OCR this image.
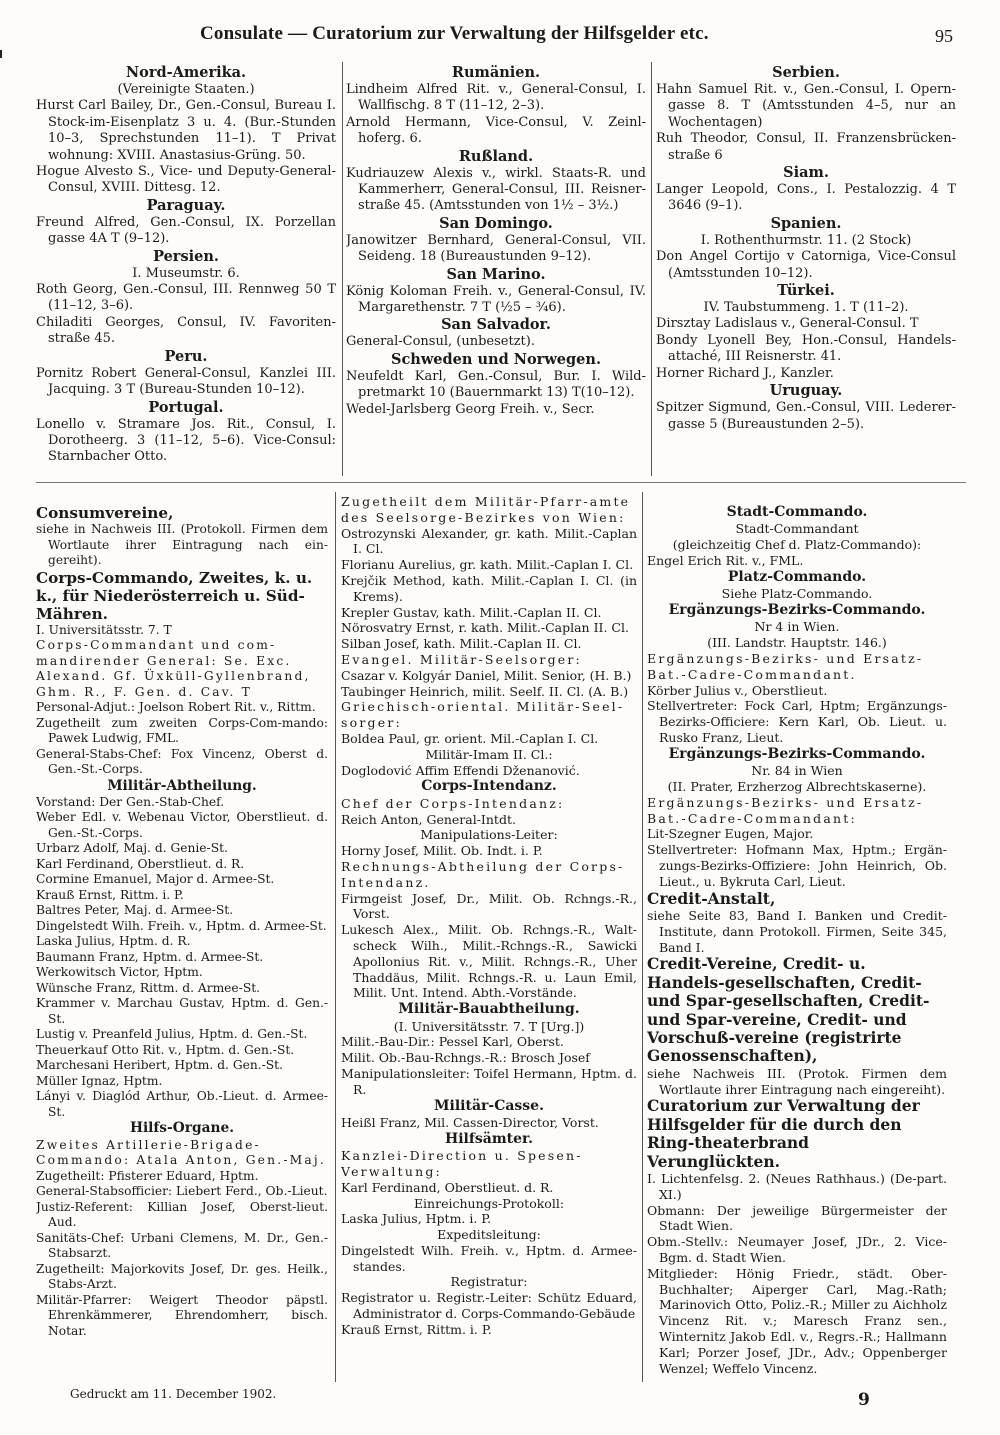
Consulate — Curatorium zur Verwaltung der Hilfsgelder etc.	95

Nord-Amerika.

(Vereinigte Staaten.)

Hurst Carl Bailey, Dr., Gen.-Consul, Bureau I. Stock-im-Eisenplatz 3 u. 4. (Bur.-Stunden 10–3, Sprechstunden 11–1). T Privat wohnung: XVIII. Anastasius-Grüng. 50.

Hogue Alvesto S., Vice- und Deputy-General-Consul, XVIII. Dittesg. 12.

Paraguay.

Freund Alfred, Gen.-Consul, IX. Porzellan gasse 4A T (9–12).

Persien.

I. Museumstr. 6.

Roth Georg, Gen.-Consul, III. Rennweg 50 T (11–12, 3–6).

Chiladiti Georges, Consul, IV. Favoriten-straße 45.

Peru.

Pornitz Robert General-Consul, Kanzlei III. Jacquing. 3 T (Bureau-Stunden 10–12).

Portugal.

Lonello v. Stramare Jos. Rit., Consul, I. Dorotheerg. 3 (11–12, 5–6). Vice-Consul: Starnbacher Otto.

Rumänien.

Lindheim Alfred Rit. v., General-Consul, I. Wallfischg. 8 T (11–12, 2–3).

Arnold Hermann, Vice-Consul, V. Zeinl-hoferg. 6.

Rußland.

Kudriauzew Alexis v., wirkl. Staats-R. und Kammerherr, General-Consul, III. Reisner-straße 45. (Amtsstunden von 1½ – 3½.)

San Domingo.

Janowitzer Bernhard, General-Consul, VII. Seideng. 18 (Bureaustunden 9–12).

San Marino.

König Koloman Freih. v., General-Consul, IV. Margarethenstr. 7 T (½5 – ¾6).

San Salvador.

General-Consul, (unbesetzt).

Schweden und Norwegen.

Neufeldt Karl, Gen.-Consul, Bur. I. Wild-pretmarkt 10 (Bauernmarkt 13) T(10–12).

Wedel-Jarlsberg Georg Freih. v., Secr.

Serbien.

Hahn Samuel Rit. v., Gen.-Consul, I. Opern-gasse 8. T (Amtsstunden 4–5, nur an Wochentagen)

Ruh Theodor, Consul, II. Franzensbrücken-straße 6

Siam.

Langer Leopold, Cons., I. Pestalozzig. 4 T 3646 (9–1).

Spanien.

I. Rothenthurmstr. 11. (2 Stock)

Don Angel Cortijo v Catorniga, Vice-Consul (Amtsstunden 10–12).

Türkei.

IV. Taubstummeng. 1. T (11–2).

Dirsztay Ladislaus v., General-Consul. T

Bondy Lyonell Bey, Hon.-Consul, Handels-attaché, III Reisnerstr. 41.

Horner Richard J., Kanzler.

Uruguay.

Spitzer Sigmund, Gen.-Consul, VIII. Lederer-gasse 5 (Bureaustunden 2–5).

Consumvereine,

siehe in Nachweis III. (Protokoll. Firmen dem Wortlaute ihrer Eintragung nach ein-gereiht).

Corps-Commando, Zweites, k. u. k., für Niederösterreich u. Süd-Mähren.

I. Universitätsstr. 7. T

Corps-Commandant und com-mandirender General: Se. Exc. Alexand. Gf. Üxküll-Gyllenbrand, Ghm. R., F. Gen. d. Cav. T

Personal-Adjut.: Joelson Robert Rit. v., Rittm.

Zugetheilt zum zweiten Corps-Com-mando: Pawek Ludwig, FML.

General-Stabs-Chef: Fox Vincenz, Oberst d. Gen.-St.-Corps.

Militär-Abtheilung.

Vorstand: Der Gen.-Stab-Chef.

Weber Edl. v. Webenau Victor, Oberstlieut. d. Gen.-St.-Corps.

Urbarz Adolf, Maj. d. Genie-St.

Karl Ferdinand, Oberstlieut. d. R.

Cormine Emanuel, Major d. Armee-St.

Krauß Ernst, Rittm. i. P.

Baltres Peter, Maj. d. Armee-St.

Dingelstedt Wilh. Freih. v., Hptm. d. Armee-St.

Laska Julius, Hptm. d. R.

Baumann Franz, Hptm. d. Armee-St.

Werkowitsch Victor, Hptm.

Wünsche Franz, Rittm. d. Armee-St.

Krammer v. Marchau Gustav, Hptm. d. Gen.-St.

Lustig v. Preanfeld Julius, Hptm. d. Gen.-St.

Theuerkauf Otto Rit. v., Hptm. d. Gen.-St.

Marchesani Heribert, Hptm. d. Gen.-St.

Müller Ignaz, Hptm.

Lányi v. Diaglód Arthur, Ob.-Lieut. d. Armee-St.

Hilfs-Organe.

Zweites Artillerie-Brigade-Commando: Atala Anton, Gen.-Maj.

Zugetheilt: Pfisterer Eduard, Hptm.

General-Stabsofficier: Liebert Ferd., Ob.-Lieut.

Justiz-Referent: Killian Josef, Oberst-lieut. Aud.

Sanitäts-Chef: Urbani Clemens, M. Dr., Gen.-Stabsarzt.

Zugetheilt: Majorkovits Josef, Dr. ges. Heilk., Stabs-Arzt.

Militär-Pfarrer: Weigert Theodor päpstl. Ehrenkämmerer, Ehrendomherr, bisch. Notar.

Zugetheilt dem Militär-Pfarr-amte des Seelsorge-Bezirkes von Wien:

Ostrozynski Alexander, gr. kath. Milit.-Caplan I. Cl.

Florianu Aurelius, gr. kath. Milit.-Caplan I. Cl.

Krejčik Method, kath. Milit.-Caplan I. Cl. (in Krems).

Krepler Gustav, kath. Milit.-Caplan II. Cl.

Nörosvatry Ernst, r. kath. Milit.-Caplan II. Cl.

Silban Josef, kath. Milit.-Caplan II. Cl.

Evangel. Militär-Seelsorger:

Csazar v. Kolgyár Daniel, Milit. Senior, (H. B.)

Taubinger Heinrich, milit. Seelf. II. Cl. (A. B.)

Griechisch-oriental. Militär-Seel-sorger:

Boldea Paul, gr. orient. Mil.-Caplan I. Cl.

Militär-Imam II. Cl.:

Doglodović Affim Effendi Dženanović.

Corps-Intendanz.

Chef der Corps-Intendanz:

Reich Anton, General-Intdt.

Manipulations-Leiter:

Horny Josef, Milit. Ob. Indt. i. P.

Rechnungs-Abtheilung der Corps-Intendanz.

Firmgeist Josef, Dr., Milit. Ob. Rchngs.-R., Vorst.

Lukesch Alex., Milit. Ob. Rchngs.-R., Walt-scheck Wilh., Milit.-Rchngs.-R., Sawicki Apollonius Rit. v., Milit. Rchngs.-R., Uher Thaddäus, Milit. Rchngs.-R. u. Laun Emil, Milit. Unt. Intend. Abth.-Vorstände.

Militär-Bauabtheilung.

(I. Universitätsstr. 7. T [Urg.])

Milit.-Bau-Dir.: Pessel Karl, Oberst.

Milit. Ob.-Bau-Rchngs.-R.: Brosch Josef

Manipulationsleiter: Toifel Hermann, Hptm. d. R.

Militär-Casse.

Heißl Franz, Mil. Cassen-Director, Vorst.

Hilfsämter.

Kanzlei-Direction u. Spesen-Verwaltung:

Karl Ferdinand, Oberstlieut. d. R.

Einreichungs-Protokoll:

Laska Julius, Hptm. i. P.

Expeditsleitung:

Dingelstedt Wilh. Freih. v., Hptm. d. Armee-standes.

Registratur:

Registrator u. Registr.-Leiter: Schütz Eduard, Administrator d. Corps-Commando-Gebäude

Krauß Ernst, Rittm. i. P.

Stadt-Commando.

Stadt-Commandant

(gleichzeitig Chef d. Platz-Commando):

Engel Erich Rit. v., FML.

Platz-Commando.

Siehe Platz-Commando.

Ergänzungs-Bezirks-Commando.

Nr 4 in Wien.

(III. Landstr. Hauptstr. 146.)

Ergänzungs-Bezirks- und Ersatz-Bat.-Cadre-Commandant.

Körber Julius v., Oberstlieut.

Stellvertreter: Fock Carl, Hptm; Ergänzungs-Bezirks-Officiere: Kern Karl, Ob. Lieut. u. Rusko Franz, Lieut.

Ergänzungs-Bezirks-Commando.

Nr. 84 in Wien

(II. Prater, Erzherzog Albrechtskaserne).

Ergänzungs-Bezirks- und Ersatz-Bat.-Cadre-Commandant:

Lit-Szegner Eugen, Major.

Stellvertreter: Hofmann Max, Hptm.; Ergän-zungs-Bezirks-Offiziere: John Heinrich, Ob. Lieut., u. Bykruta Carl, Lieut.

Credit-Anstalt,

siehe Seite 83, Band I. Banken und Credit-Institute, dann Protokoll. Firmen, Seite 345, Band I.

Credit-Vereine, Credit- u. Handels-gesellschaften, Credit- und Spar-gesellschaften, Credit- und Spar-vereine, Credit- und Vorschuß-vereine (registrirte Genossenschaften),

siehe Nachweis III. (Protok. Firmen dem Wortlaute ihrer Eintragung nach eingereiht).

Curatorium zur Verwaltung der Hilfsgelder für die durch den Ring-theaterbrand Verunglückten.

I. Lichtenfelsg. 2. (Neues Rathhaus.) (De-part. XI.)

Obmann: Der jeweilige Bürgermeister der Stadt Wien.

Obm.-Stellv.: Neumayer Josef, JDr., 2. Vice-Bgm. d. Stadt Wien.

Mitglieder: Hönig Friedr., städt. Ober-Buchhalter; Aiperger Carl, Mag.-Rath; Marinovich Otto, Poliz.-R.; Miller zu Aichholz Vincenz Rit. v.; Maresch Franz sen., Winternitz Jakob Edl. v., Regrs.-R.; Hallmann Karl; Porzer Josef, JDr., Adv.; Oppenberger Wenzel; Weffelo Vincenz.

Gedruckt am 11. December 1902.	9
